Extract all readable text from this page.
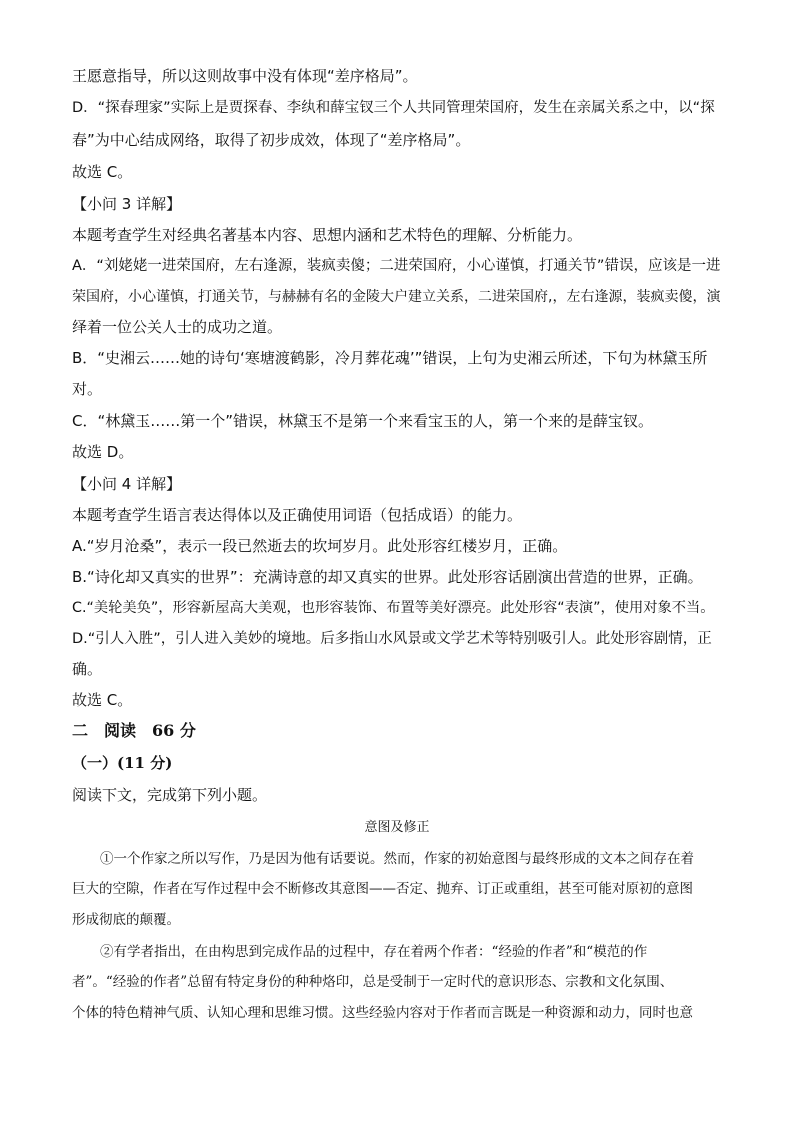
王愿意指导，所以这则故事中没有体现“差序格局”。
D．“探春理家”实际上是贾探春、李纨和薛宝钗三个人共同管理荣国府，发生在亲属关系之中，以“探
春”为中心结成网络，取得了初步成效，体现了“差序格局”。
故选 C。
【小问 3 详解】
本题考查学生对经典名著基本内容、思想内涵和艺术特色的理解、分析能力。
A．“刘姥姥一进荣国府，左右逢源，装疯卖傻；二进荣国府，小心谨慎，打通关节”错误，应该是一进
荣国府，小心谨慎，打通关节，与赫赫有名的金陵大户建立关系，二进荣国府,，左右逢源，装疯卖傻，演
绎着一位公关人士的成功之道。
B．“史湘云……她的诗句‘寒塘渡鹤影，冷月葬花魂’”错误，上句为史湘云所述，下句为林黛玉所
对。
C．“林黛玉……第一个”错误，林黛玉不是第一个来看宝玉的人，第一个来的是薛宝钗。
故选 D。
【小问 4 详解】
本题考查学生语言表达得体以及正确使用词语（包括成语）的能力。
A.“岁月沧桑”，表示一段已然逝去的坎坷岁月。此处形容红楼岁月，正确。
B.“诗化却又真实的世界”：充满诗意的却又真实的世界。此处形容话剧演出营造的世界，正确。
C.“美轮美奂”，形容新屋高大美观，也形容装饰、布置等美好漂亮。此处形容“表演”，使用对象不当。
D.“引人入胜”，引人进入美妙的境地。后多指山水风景或文学艺术等特别吸引人。此处形容剧情，正
确。
故选 C。
二　阅读　66 分
（一）(11 分)
阅读下文，完成第下列小题。
意图及修正
①一个作家之所以写作，乃是因为他有话要说。然而，作家的初始意图与最终形成的文本之间存在着
巨大的空隙，作者在写作过程中会不断修改其意图——否定、抛弃、订正或重组，甚至可能对原初的意图
形成彻底的颠覆。
②有学者指出，在由构思到完成作品的过程中，存在着两个作者：“经验的作者”和“模范的作
者”。“经验的作者”总留有特定身份的种种烙印，总是受制于一定时代的意识形态、宗教和文化氛围、
个体的特色精神气质、认知心理和思维习惯。这些经验内容对于作者而言既是一种资源和动力，同时也意
